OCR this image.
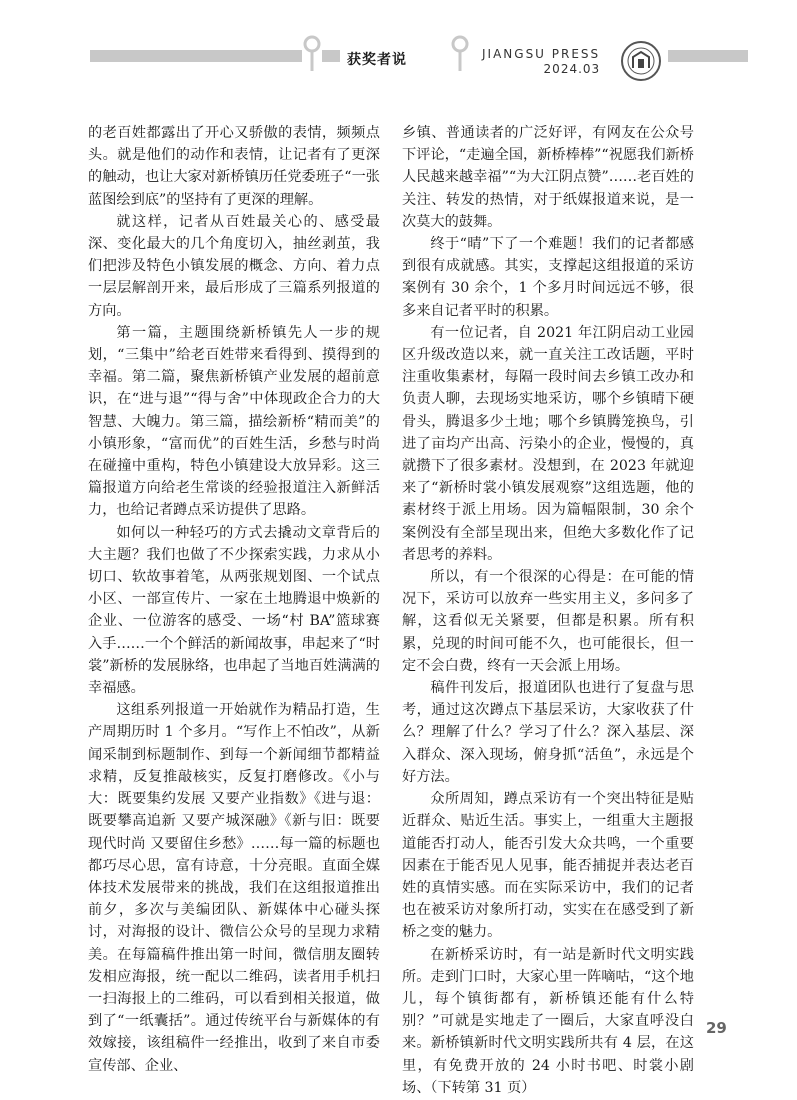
获奖者说	JIANGSU PRESS
2024.03

的老百姓都露出了开心又骄傲的表情，频频点头。就是他们的动作和表情，让记者有了更深的触动，也让大家对新桥镇历任党委班子“一张蓝图绘到底”的坚持有了更深的理解。

就这样，记者从百姓最关心的、感受最深、变化最大的几个角度切入，抽丝剥茧，我们把涉及特色小镇发展的概念、方向、着力点一层层解剖开来，最后形成了三篇系列报道的方向。

第一篇，主题围绕新桥镇先人一步的规划，“三集中”给老百姓带来看得到、摸得到的幸福。第二篇，聚焦新桥镇产业发展的超前意识，在“进与退”“得与舍”中体现政企合力的大智慧、大魄力。第三篇，描绘新桥“精而美”的小镇形象，“富而优”的百姓生活，乡愁与时尚在碰撞中重构，特色小镇建设大放异彩。这三篇报道方向给老生常谈的经验报道注入新鲜活力，也给记者蹲点采访提供了思路。

如何以一种轻巧的方式去撬动文章背后的大主题？我们也做了不少探索实践，力求从小切口、软故事着笔，从两张规划图、一个试点小区、一部宣传片、一家在土地腾退中焕新的企业、一位游客的感受、一场“村 BA”篮球赛入手……一个个鲜活的新闻故事，串起来了“时裳”新桥的发展脉络，也串起了当地百姓满满的幸福感。

这组系列报道一开始就作为精品打造，生产周期历时 1 个多月。“写作上不怕改”，从新闻采制到标题制作、到每一个新闻细节都精益求精，反复推敲核实，反复打磨修改。《小与大：既要集约发展 又要产业指数》《进与退：既要攀高追新 又要产城深融》《新与旧：既要现代时尚 又要留住乡愁》……每一篇的标题也都巧尽心思，富有诗意，十分亮眼。直面全媒体技术发展带来的挑战，我们在这组报道推出前夕，多次与美编团队、新媒体中心碰头探讨，对海报的设计、微信公众号的呈现力求精美。在每篇稿件推出第一时间，微信朋友圈转发相应海报，统一配以二维码，读者用手机扫一扫海报上的二维码，可以看到相关报道，做到了“一纸囊括”。通过传统平台与新媒体的有效嫁接，该组稿件一经推出，收到了来自市委宣传部、企业、

乡镇、普通读者的广泛好评，有网友在公众号下评论，“走遍全国，新桥棒棒”“祝愿我们新桥人民越来越幸福”“为大江阴点赞”……老百姓的关注、转发的热情，对于纸媒报道来说，是一次莫大的鼓舞。

终于“晴”下了一个难题！我们的记者都感到很有成就感。其实，支撑起这组报道的采访案例有 30 余个，1 个多月时间远远不够，很多来自记者平时的积累。

有一位记者，自 2021 年江阴启动工业园区升级改造以来，就一直关注工改话题，平时注重收集素材，每隔一段时间去乡镇工改办和负责人聊，去现场实地采访，哪个乡镇晴下硬骨头，腾退多少土地；哪个乡镇腾笼换鸟，引进了亩均产出高、污染小的企业，慢慢的，真就攒下了很多素材。没想到，在 2023 年就迎来了“新桥时裳小镇发展观察”这组选题，他的素材终于派上用场。因为篇幅限制，30 余个案例没有全部呈现出来，但绝大多数化作了记者思考的养料。

所以，有一个很深的心得是：在可能的情况下，采访可以放弃一些实用主义，多问多了解，这看似无关紧要，但都是积累。所有积累，兑现的时间可能不久，也可能很长，但一定不会白费，终有一天会派上用场。

稿件刊发后，报道团队也进行了复盘与思考，通过这次蹲点下基层采访，大家收获了什么？理解了什么？学习了什么？深入基层、深入群众、深入现场，俯身抓“活鱼”，永远是个好方法。

众所周知，蹲点采访有一个突出特征是贴近群众、贴近生活。事实上，一组重大主题报道能否打动人，能否引发大众共鸣，一个重要因素在于能否见人见事，能否捕捉并表达老百姓的真情实感。而在实际采访中，我们的记者也在被采访对象所打动，实实在在感受到了新桥之变的魅力。

在新桥采访时，有一站是新时代文明实践所。走到门口时，大家心里一阵嘀咕，“这个地儿，每个镇街都有，新桥镇还能有什么特别？”可就是实地走了一圈后，大家直呼没白来。新桥镇新时代文明实践所共有 4 层，在这里，有免费开放的 24 小时书吧、时裳小剧场、（下转第 31 页）

29
